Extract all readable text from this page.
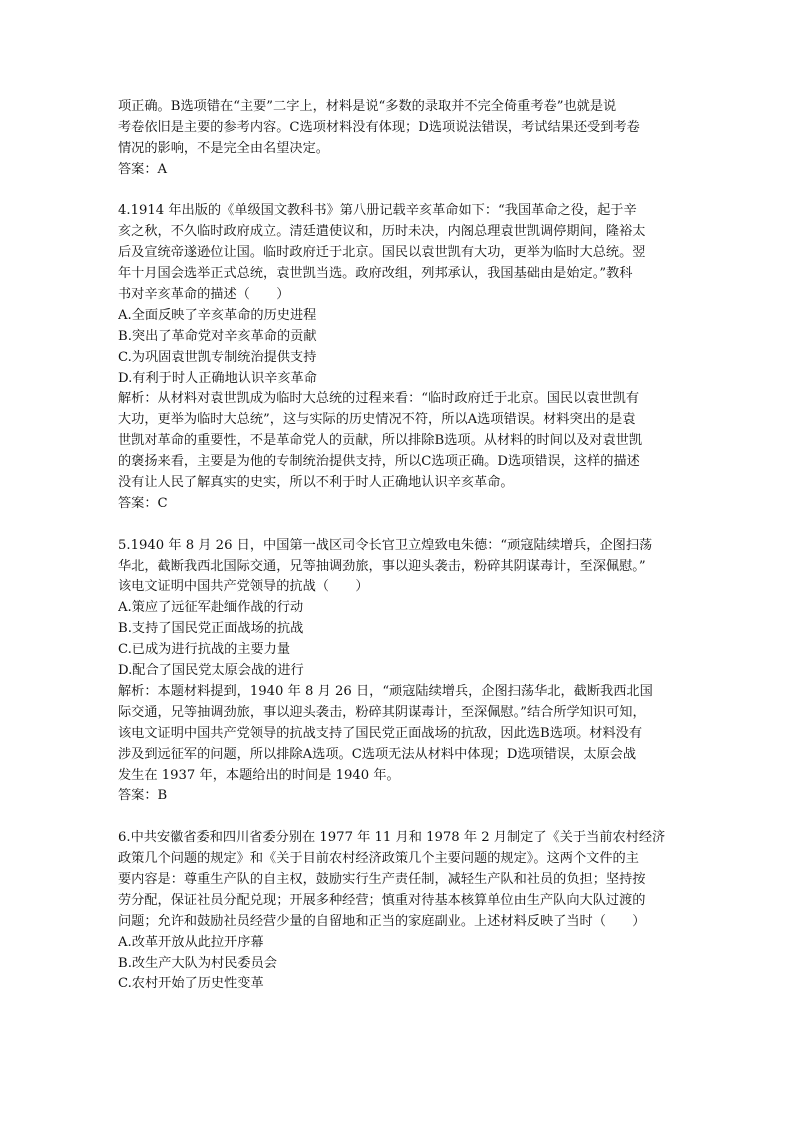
项正确。B选项错在“主要”二字上，材料是说“多数的录取并不完全倚重考卷”也就是说
考卷依旧是主要的参考内容。C选项材料没有体现；D选项说法错误，考试结果还受到考卷
情况的影响，不是完全由名望决定。
答案：A
4.1914 年出版的《单级国文教科书》第八册记载辛亥革命如下：“我国革命之役，起于辛
亥之秋，不久临时政府成立。清廷遣使议和，历时未决，内阁总理袁世凯调停期间，隆裕太
后及宣统帝遂逊位让国。临时政府迁于北京。国民以袁世凯有大功，更举为临时大总统。翌
年十月国会选举正式总统，袁世凯当选。政府改组，列邦承认，我国基础由是始定。”教科
书对辛亥革命的描述（　　）
A.全面反映了辛亥革命的历史进程
B.突出了革命党对辛亥革命的贡献
C.为巩固袁世凯专制统治提供支持
D.有利于时人正确地认识辛亥革命
解析：从材料对袁世凯成为临时大总统的过程来看：“临时政府迁于北京。国民以袁世凯有
大功，更举为临时大总统”，这与实际的历史情况不符，所以A选项错误。材料突出的是袁
世凯对革命的重要性，不是革命党人的贡献，所以排除B选项。从材料的时间以及对袁世凯
的褒扬来看，主要是为他的专制统治提供支持，所以C选项正确。D选项错误，这样的描述
没有让人民了解真实的史实，所以不利于时人正确地认识辛亥革命。
答案：C
5.1940 年 8 月 26 日，中国第一战区司令长官卫立煌致电朱德：“顽寇陆续增兵，企图扫荡
华北，截断我西北国际交通，兄等抽调劲旅，事以迎头袭击，粉碎其阴谋毒计，至深佩慰。”
该电文证明中国共产党领导的抗战（　　）
A.策应了远征军赴缅作战的行动
B.支持了国民党正面战场的抗战
C.已成为进行抗战的主要力量
D.配合了国民党太原会战的进行
解析：本题材料提到，1940 年 8 月 26 日，“顽寇陆续增兵，企图扫荡华北，截断我西北国
际交通，兄等抽调劲旅，事以迎头袭击，粉碎其阴谋毒计，至深佩慰。”结合所学知识可知，
该电文证明中国共产党领导的抗战支持了国民党正面战场的抗敌，因此选B选项。材料没有
涉及到远征军的问题，所以排除A选项。C选项无法从材料中体现；D选项错误，太原会战
发生在 1937 年，本题给出的时间是 1940 年。
答案：B
6.中共安徽省委和四川省委分别在 1977 年 11 月和 1978 年 2 月制定了《关于当前农村经济
政策几个问题的规定》和《关于目前农村经济政策几个主要问题的规定》。这两个文件的主
要内容是：尊重生产队的自主权，鼓励实行生产责任制，减轻生产队和社员的负担；坚持按
劳分配，保证社员分配兑现；开展多种经营；慎重对待基本核算单位由生产队向大队过渡的
问题；允许和鼓励社员经营少量的自留地和正当的家庭副业。上述材料反映了当时（　　）
A.改革开放从此拉开序幕
B.改生产大队为村民委员会
C.农村开始了历史性变革
